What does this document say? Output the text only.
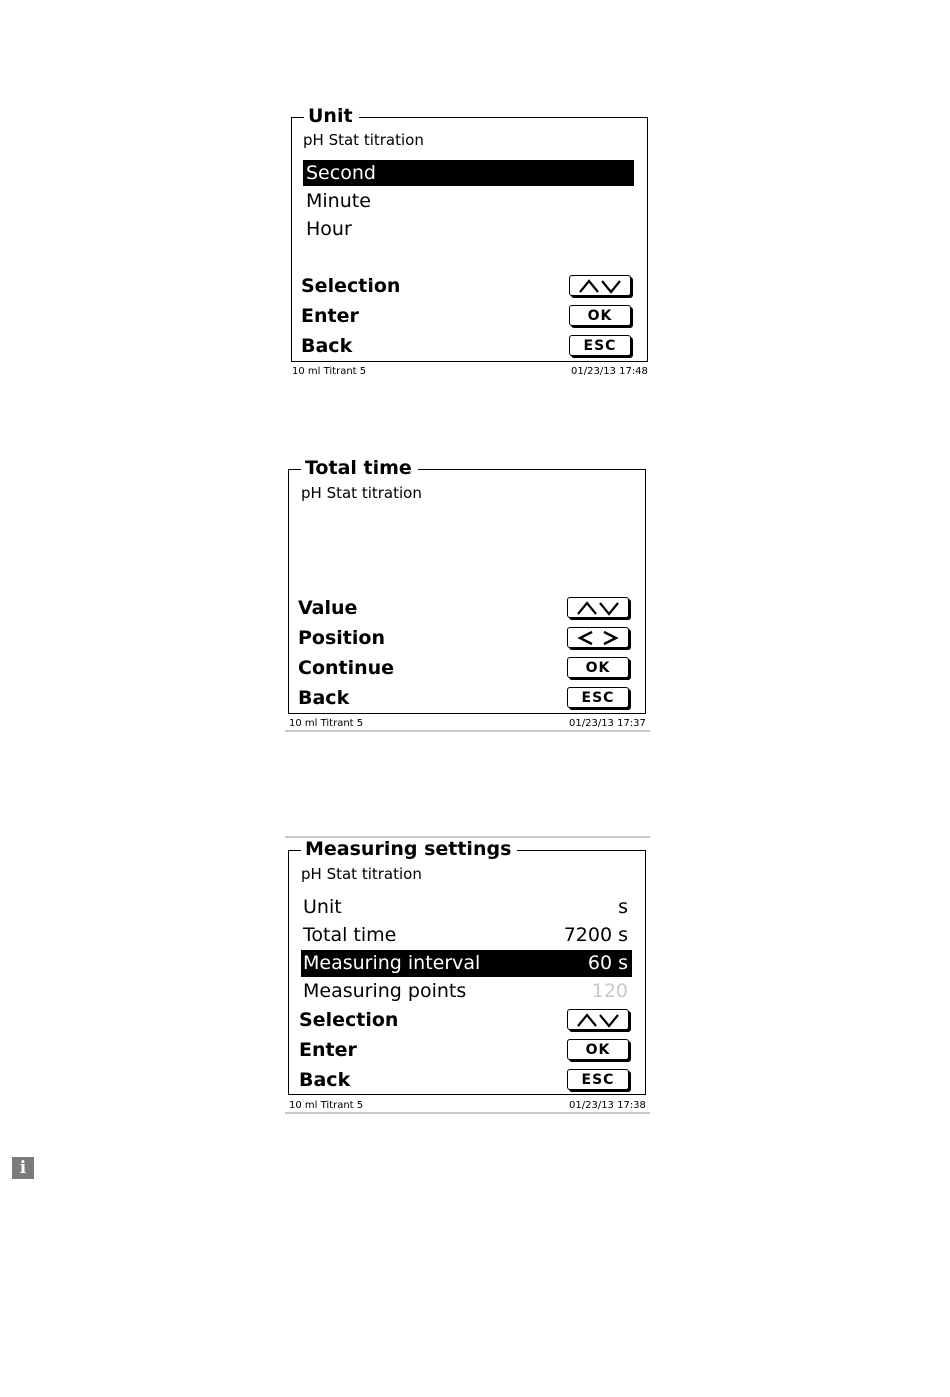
Unit
pH Stat titration
Second
Minute
Hour
Selection
Enter	OK
Back	ESC
10 ml Titrant 5	01/23/13 17:48
Total time
pH Stat titration
Value
Position
Continue	OK
Back	ESC
10 ml Titrant 5	01/23/13 17:37
Measuring settings
pH Stat titration
Unit	s
Total time	7200 s
Measuring interval	60 s
Measuring points	120
Selection
Enter	OK
Back	ESC
10 ml Titrant 5	01/23/13 17:38
i
